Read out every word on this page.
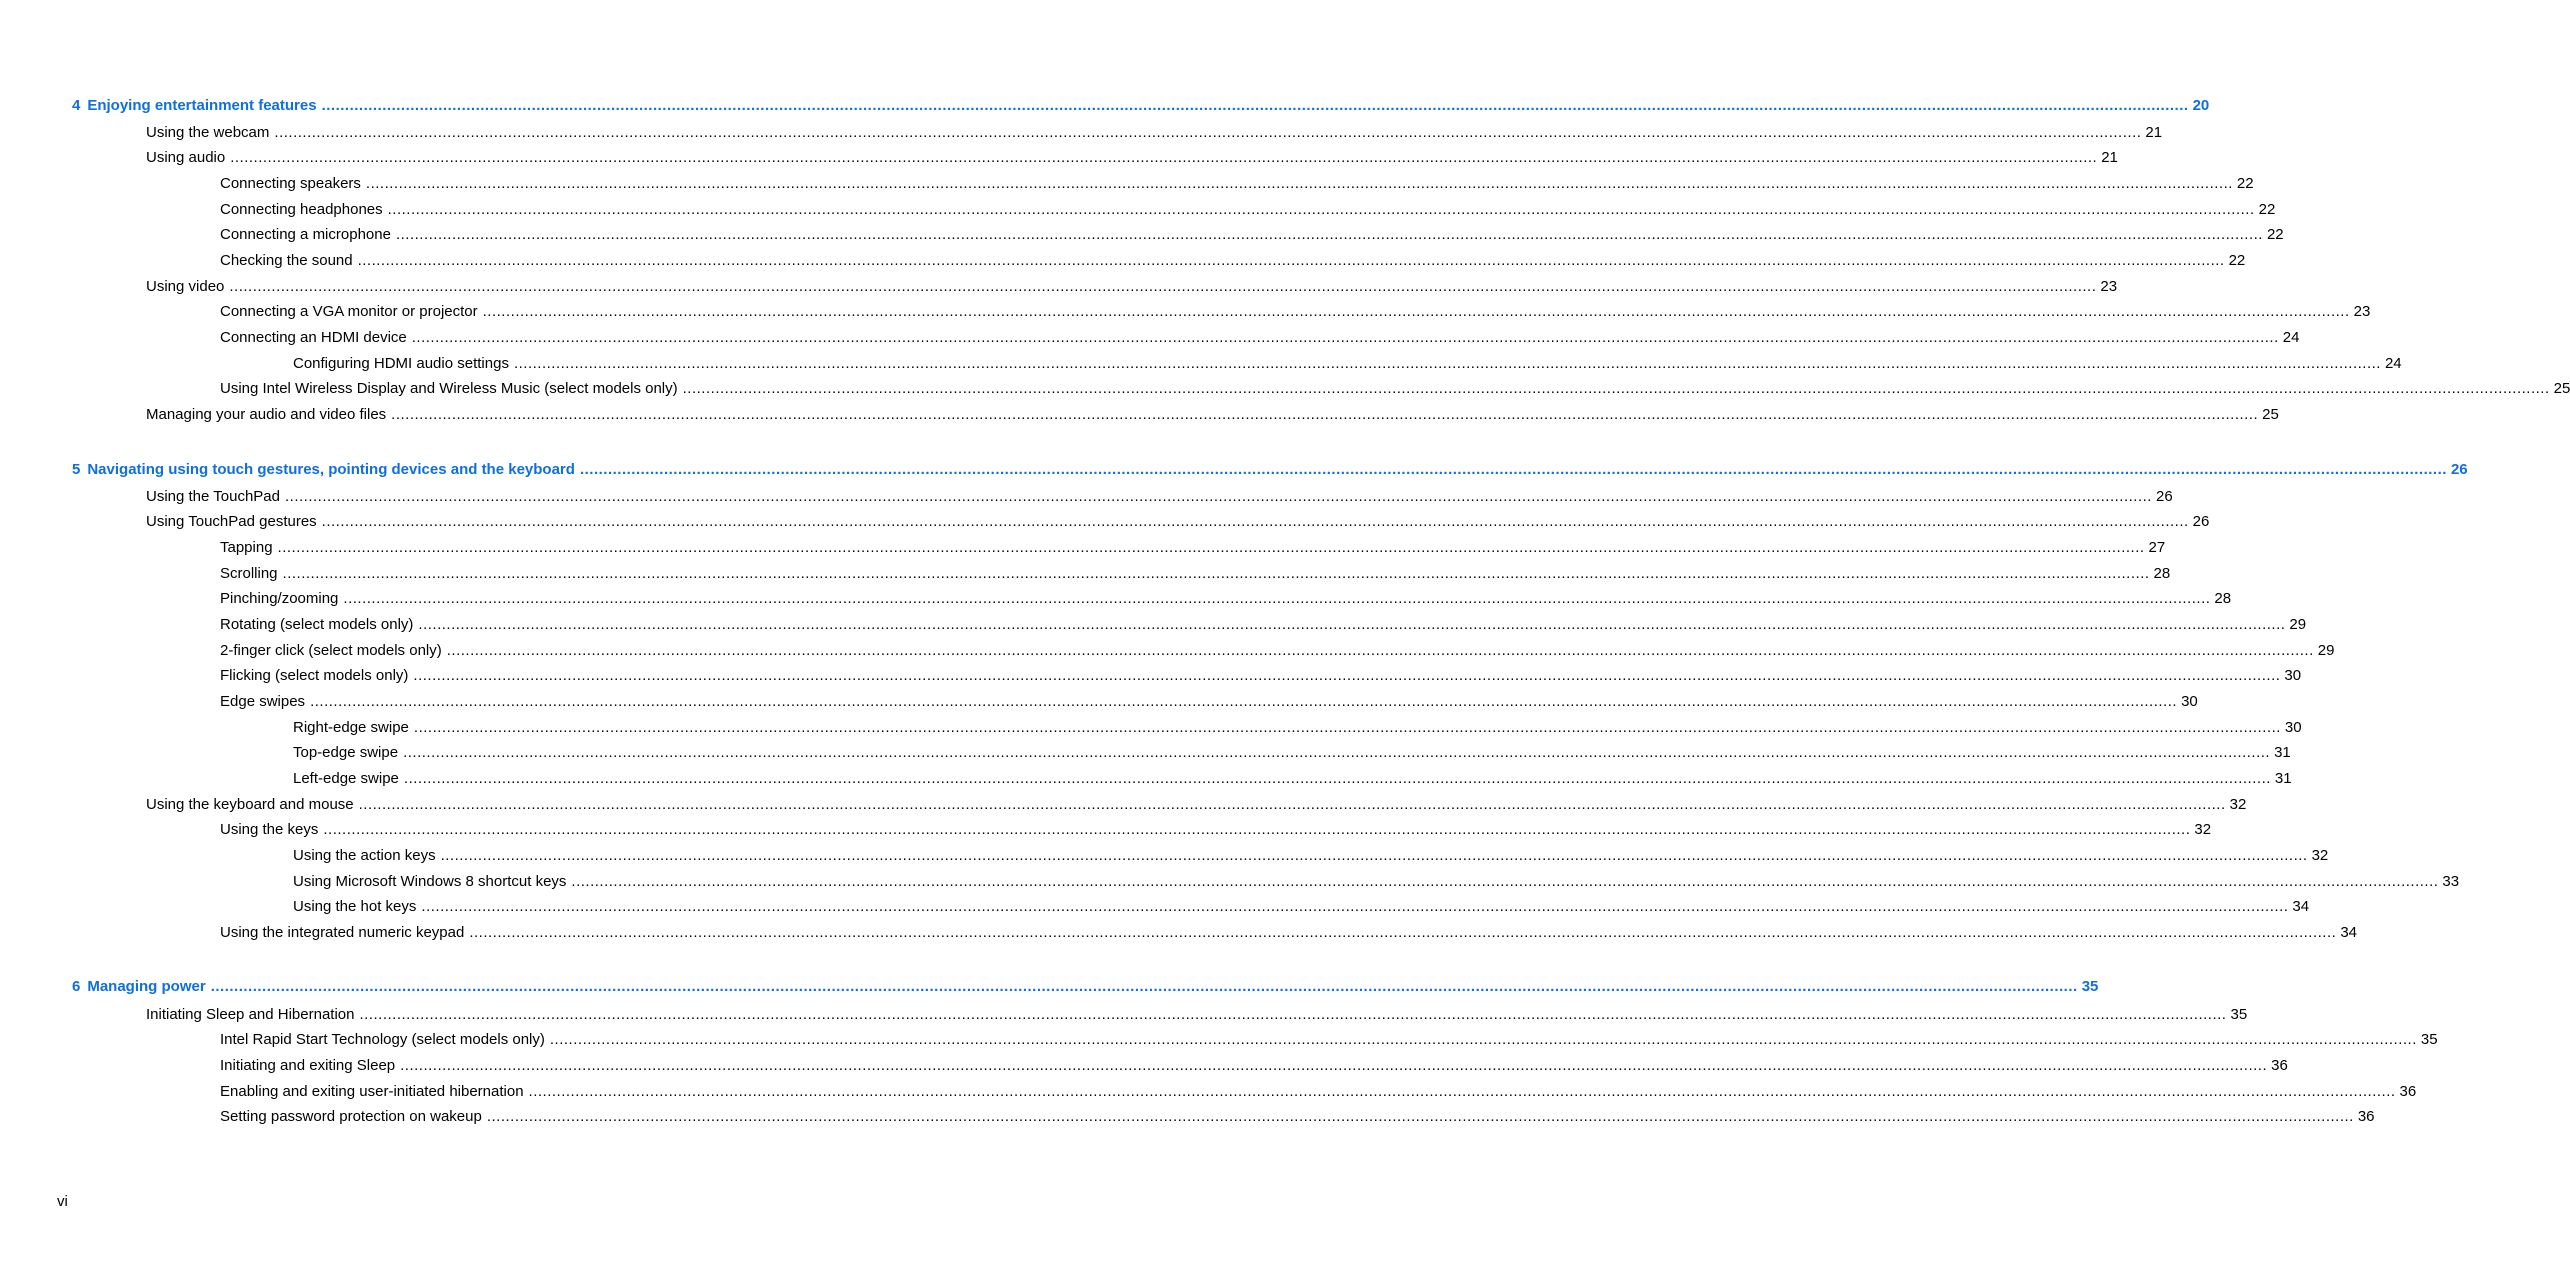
4 Enjoying entertainment features ................................................................................................................................................................................................................................................................................................................................................................................................................ 20
Using the webcam ................................................................................................................................................................................................................................................................................................................................................................................................................ 21
Using audio ................................................................................................................................................................................................................................................................................................................................................................................................................ 21
Connecting speakers ................................................................................................................................................................................................................................................................................................................................................................................................................ 22
Connecting headphones ................................................................................................................................................................................................................................................................................................................................................................................................................ 22
Connecting a microphone ................................................................................................................................................................................................................................................................................................................................................................................................................ 22
Checking the sound ................................................................................................................................................................................................................................................................................................................................................................................................................ 22
Using video ................................................................................................................................................................................................................................................................................................................................................................................................................ 23
Connecting a VGA monitor or projector ................................................................................................................................................................................................................................................................................................................................................................................................................ 23
Connecting an HDMI device ................................................................................................................................................................................................................................................................................................................................................................................................................ 24
Configuring HDMI audio settings ................................................................................................................................................................................................................................................................................................................................................................................................................ 24
Using Intel Wireless Display and Wireless Music (select models only) ................................................................................................................................................................................................................................................................................................................................................................................................................ 25
Managing your audio and video files ................................................................................................................................................................................................................................................................................................................................................................................................................ 25
5 Navigating using touch gestures, pointing devices and the keyboard ................................................................................................................................................................................................................................................................................................................................................................................................................ 26
Using the TouchPad ................................................................................................................................................................................................................................................................................................................................................................................................................ 26
Using TouchPad gestures ................................................................................................................................................................................................................................................................................................................................................................................................................ 26
Tapping ................................................................................................................................................................................................................................................................................................................................................................................................................ 27
Scrolling ................................................................................................................................................................................................................................................................................................................................................................................................................ 28
Pinching/zooming ................................................................................................................................................................................................................................................................................................................................................................................................................ 28
Rotating (select models only) ................................................................................................................................................................................................................................................................................................................................................................................................................ 29
2-finger click (select models only) ................................................................................................................................................................................................................................................................................................................................................................................................................ 29
Flicking (select models only) ................................................................................................................................................................................................................................................................................................................................................................................................................ 30
Edge swipes ................................................................................................................................................................................................................................................................................................................................................................................................................ 30
Right-edge swipe ................................................................................................................................................................................................................................................................................................................................................................................................................ 30
Top-edge swipe ................................................................................................................................................................................................................................................................................................................................................................................................................ 31
Left-edge swipe ................................................................................................................................................................................................................................................................................................................................................................................................................ 31
Using the keyboard and mouse ................................................................................................................................................................................................................................................................................................................................................................................................................ 32
Using the keys ................................................................................................................................................................................................................................................................................................................................................................................................................ 32
Using the action keys ................................................................................................................................................................................................................................................................................................................................................................................................................ 32
Using Microsoft Windows 8 shortcut keys ................................................................................................................................................................................................................................................................................................................................................................................................................ 33
Using the hot keys ................................................................................................................................................................................................................................................................................................................................................................................................................ 34
Using the integrated numeric keypad ................................................................................................................................................................................................................................................................................................................................................................................................................ 34
6 Managing power ................................................................................................................................................................................................................................................................................................................................................................................................................ 35
Initiating Sleep and Hibernation ................................................................................................................................................................................................................................................................................................................................................................................................................ 35
Intel Rapid Start Technology (select models only) ................................................................................................................................................................................................................................................................................................................................................................................................................ 35
Initiating and exiting Sleep ................................................................................................................................................................................................................................................................................................................................................................................................................ 36
Enabling and exiting user-initiated hibernation ................................................................................................................................................................................................................................................................................................................................................................................................................ 36
Setting password protection on wakeup ................................................................................................................................................................................................................................................................................................................................................................................................................ 36
vi
